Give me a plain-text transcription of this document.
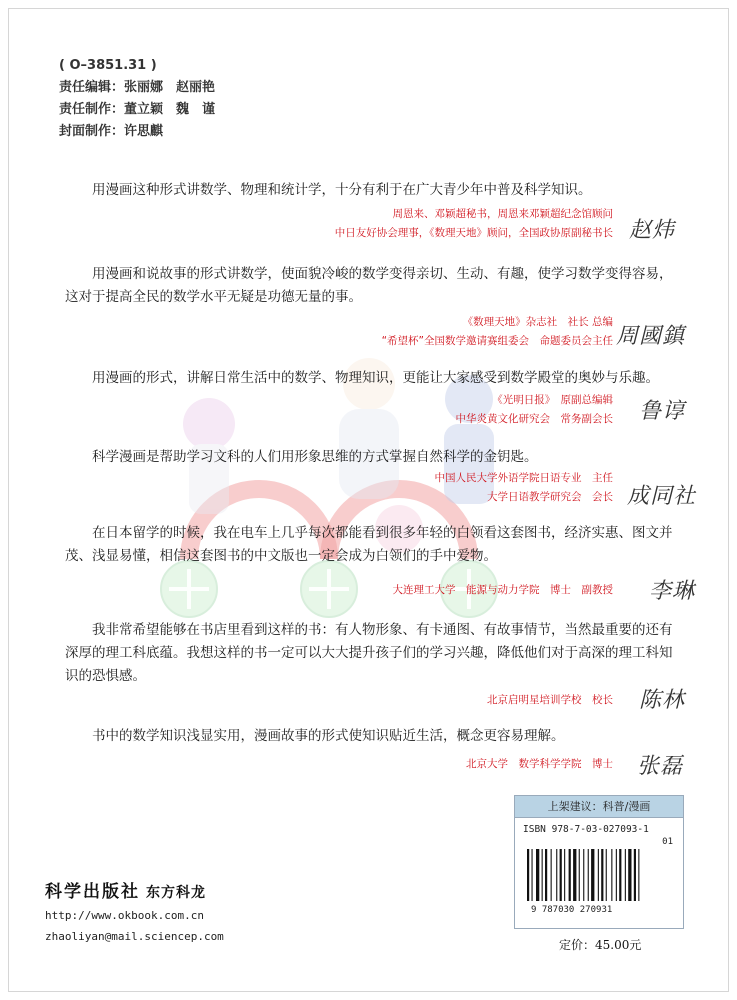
( O–3851.31 )
责任编辑：张丽娜　赵丽艳
责任制作：董立颖　魏　谨
封面制作：许思麒

用漫画这种形式讲数学、物理和统计学，十分有利于在广大青少年中普及科学知识。

周恩来、邓颖超秘书，周恩来邓颖超纪念馆顾问
中日友好协会理事，《数理天地》顾问，全国政协原副秘书长 赵炜

用漫画和说故事的形式讲数学，使面貌冷峻的数学变得亲切、生动、有趣，使学习数学变得容易，这对于提高全民的数学水平无疑是功德无量的事。

《数理天地》杂志社　社长 总编
“希望杯”全国数学邀请赛组委会　命题委员会主任 周國鎮

用漫画的形式，讲解日常生活中的数学、物理知识，更能让大家感受到数学殿堂的奥妙与乐趣。

《光明日报》　原副总编辑
中华炎黄文化研究会　常务副会长 鲁谆

科学漫画是帮助学习文科的人们用形象思维的方式掌握自然科学的金钥匙。

中国人民大学外语学院日语专业　主任
大学日语教学研究会　会长 成同社

在日本留学的时候，我在电车上几乎每次都能看到很多年轻的白领看这套图书，经济实惠、图文并茂、浅显易懂，相信这套图书的中文版也一定会成为白领们的手中爱物。

大连理工大学　能源与动力学院　博士　副教授 李琳

我非常希望能够在书店里看到这样的书：有人物形象、有卡通图、有故事情节，当然最重要的还有深厚的理工科底蕴。我想这样的书一定可以大大提升孩子们的学习兴趣，降低他们对于高深的理工科知识的恐惧感。

北京启明星培训学校　校长 陈林

书中的数学知识浅显实用，漫画故事的形式使知识贴近生活，概念更容易理解。

北京大学　数学科学学院　博士 张磊
科学出版社 东方科龙
http://www.okbook.com.cn
zhaoliyan@mail.sciencep.com
上架建议：科普/漫画
ISBN 978-7-03-027093-1
01
9 787030 270931
定价：45.00元
